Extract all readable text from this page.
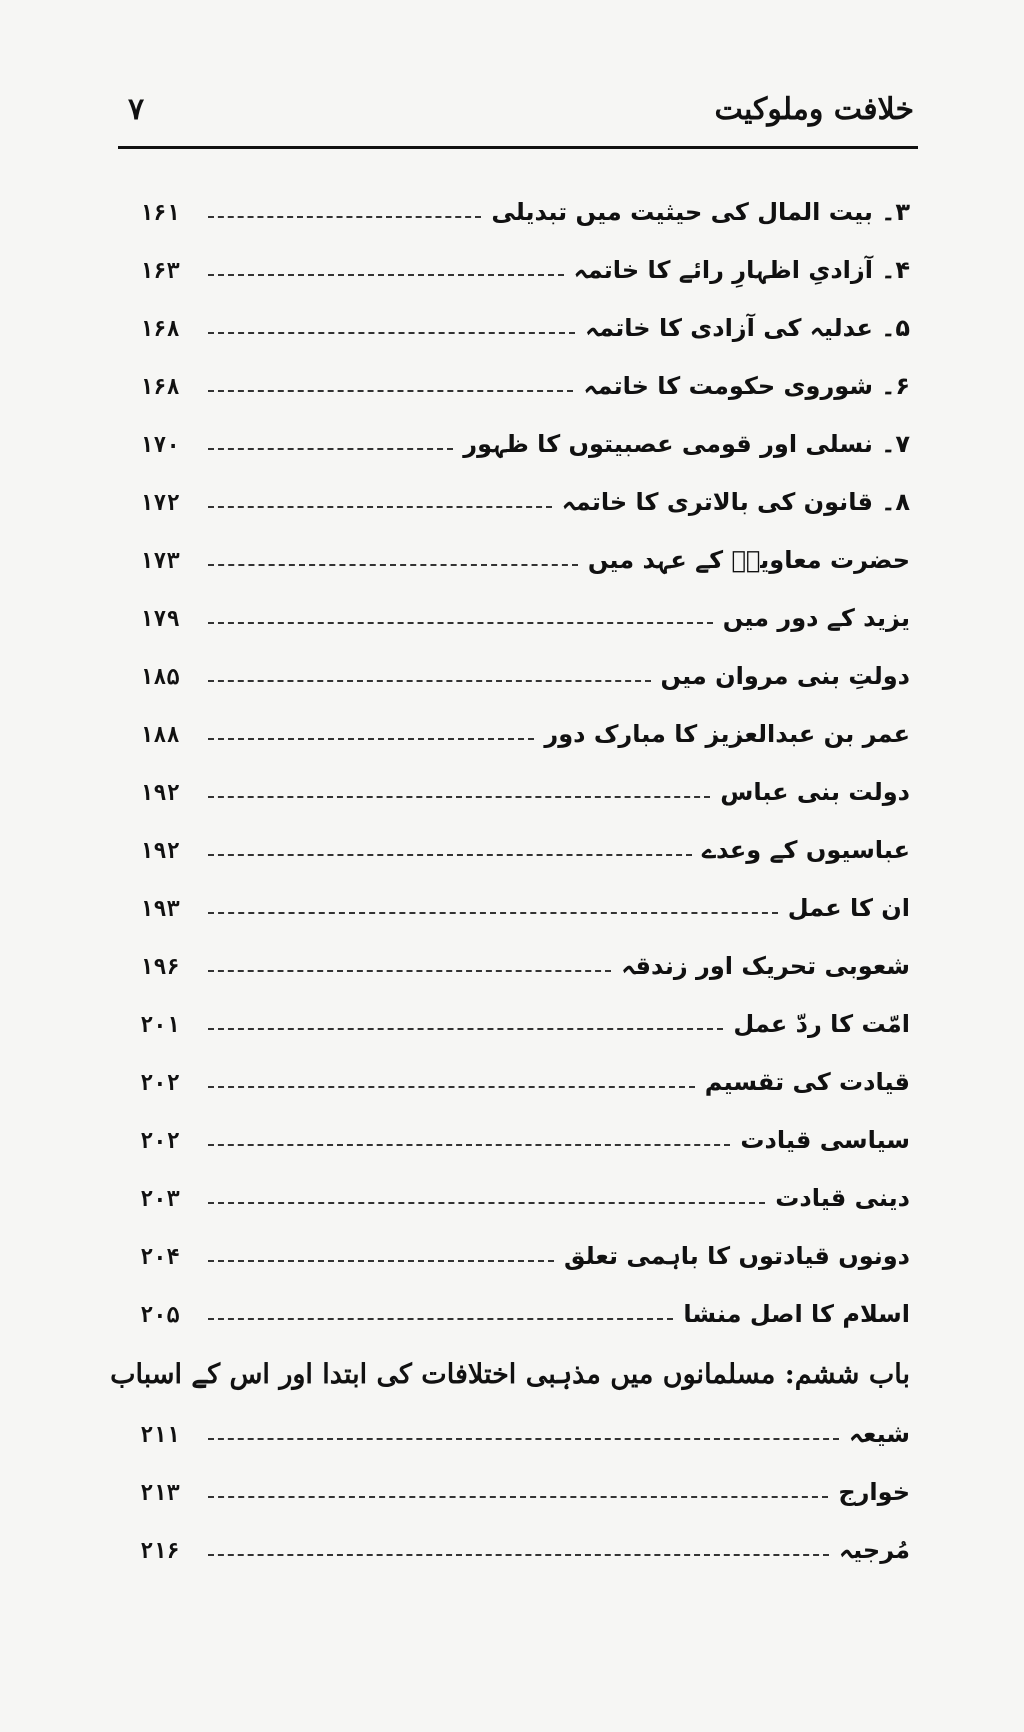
خلافت وملوکیت
۷
۳۔ بیت المال کی حیثیت میں تبدیلی
۱۶۱
۴۔ آزادیِ اظہارِ رائے کا خاتمہ
۱۶۳
۵۔ عدلیہ کی آزادی کا خاتمہ
۱۶۸
۶۔ شوروی حکومت کا خاتمہ
۱۶۸
۷۔ نسلی اور قومی عصبیتوں کا ظہور
۱۷۰
۸۔ قانون کی بالاتری کا خاتمہ
۱۷۲
حضرت معاویہؓ کے عہد میں
۱۷۳
یزید کے دور میں
۱۷۹
دولتِ بنی مروان میں
۱۸۵
عمر بن عبدالعزیز کا مبارک دور
۱۸۸
دولت بنی عباس
۱۹۲
عباسیوں کے وعدے
۱۹۲
ان کا عمل
۱۹۳
شعوبی تحریک اور زندقہ
۱۹۶
امّت کا ردّ عمل
۲۰۱
قیادت کی تقسیم
۲۰۲
سیاسی قیادت
۲۰۲
دینی قیادت
۲۰۳
دونوں قیادتوں کا باہمی تعلق
۲۰۴
اسلام کا اصل منشا
۲۰۵
باب ششم: مسلمانوں میں مذہبی اختلافات کی ابتدا اور اس کے اسباب
شیعہ
۲۱۱
خوارج
۲۱۳
مُرجیہ
۲۱۶
